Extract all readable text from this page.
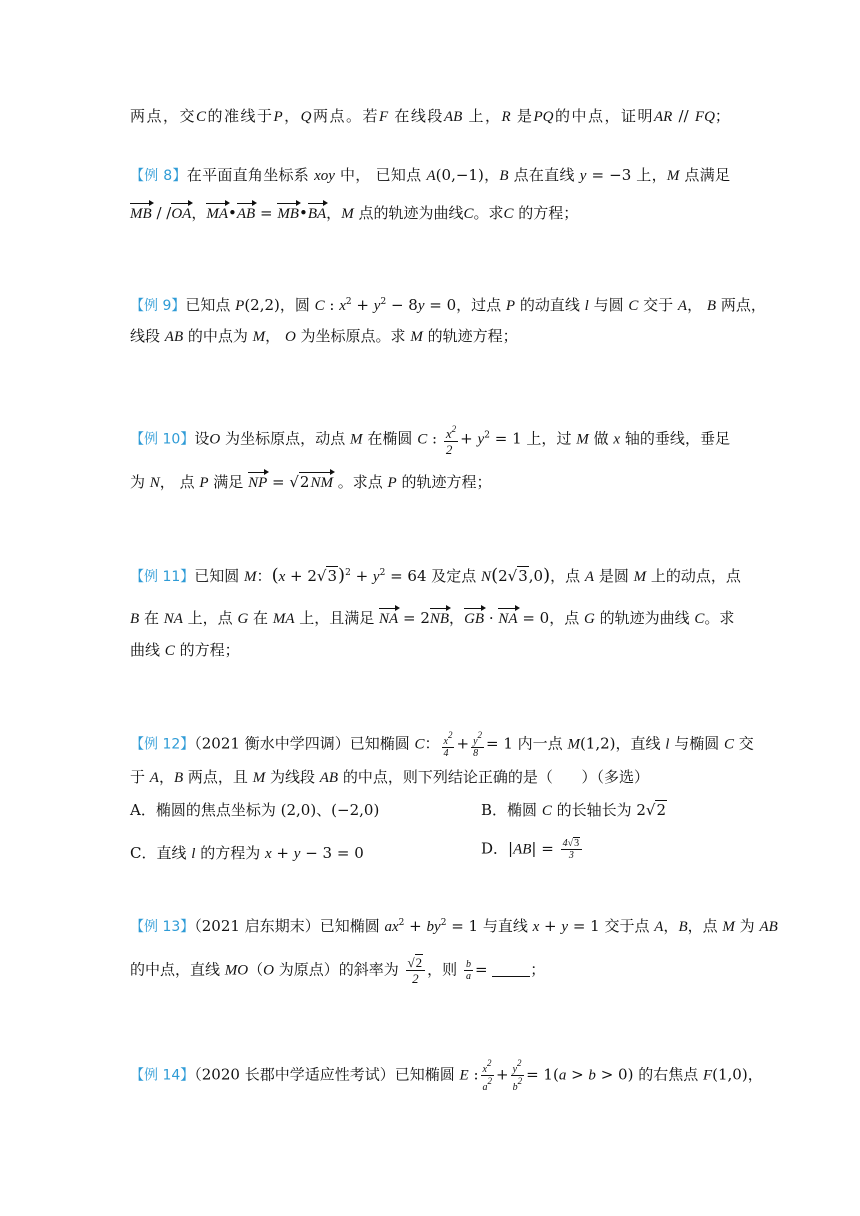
两点，交C的准线于P，Q两点。若F 在线段AB 上，R 是PQ的中点，证明AR // FQ；
【例 8】在平面直角坐标系 xoy 中， 已知点 A(0,−1)，B 点在直线 y = −3 上，M 点满足
MB / /OA，MA•AB = MB•BA，M 点的轨迹为曲线C。求C 的方程；
【例 9】已知点 P(2,2)，圆 C : $x^2 + y^2 - 8y = 0$，过点 P 的动直线 l 与圆 C 交于 A， B 两点，
线段 AB 的中点为 M， O 为坐标原点。求 M 的轨迹方程；
【例 10】设O 为坐标原点，动点 M 在椭圆 C : $\frac{x^2}{2} + y^2 = 1$ 上，过 M 做 x 轴的垂线，垂足
为 N， 点 P 满足 NP = √2NM 。求点 P 的轨迹方程；
【例 11】已知圆 M：$(x + 2√3)^2 + y^2 = 64$ 及定点 N(2√3,0)，点 A 是圆 M 上的动点，点
B 在 NA 上，点 G 在 MA 上，且满足 NA = 2NB，GB · NA = 0，点 G 的轨迹为曲线 C。求
曲线 C 的方程；
【例 12】（2021 衡水中学四调）已知椭圆 C： $\frac{x^2}{4} + \frac{y^2}{8} = 1$ 内一点 M(1,2)，直线 l 与椭圆 C 交
于 A，B 两点，且 M 为线段 AB 的中点，则下列结论正确的是（      ）（多选）
A．椭圆的焦点坐标为 (2,0)、(−2,0)	B．椭圆 C 的长轴长为 2√2
C．直线 l 的方程为 x + y − 3 = 0	D．$|AB| = \frac{4√3}{3}$
【例 13】（2021 启东期末）已知椭圆 $ax^2 + by^2 = 1$ 与直线 x + y = 1 交于点 A，B，点 M 为 AB
的中点，直线 MO（O 为原点）的斜率为 $\frac{√2}{2}$ ，则 $\frac{b}{a}$ =	；
【例 14】（2020 长郡中学适应性考试）已知椭圆 E : $\frac{x^2}{a^2} + \frac{y^2}{b^2} = 1(a > b > 0)$ 的右焦点 F(1,0)，
